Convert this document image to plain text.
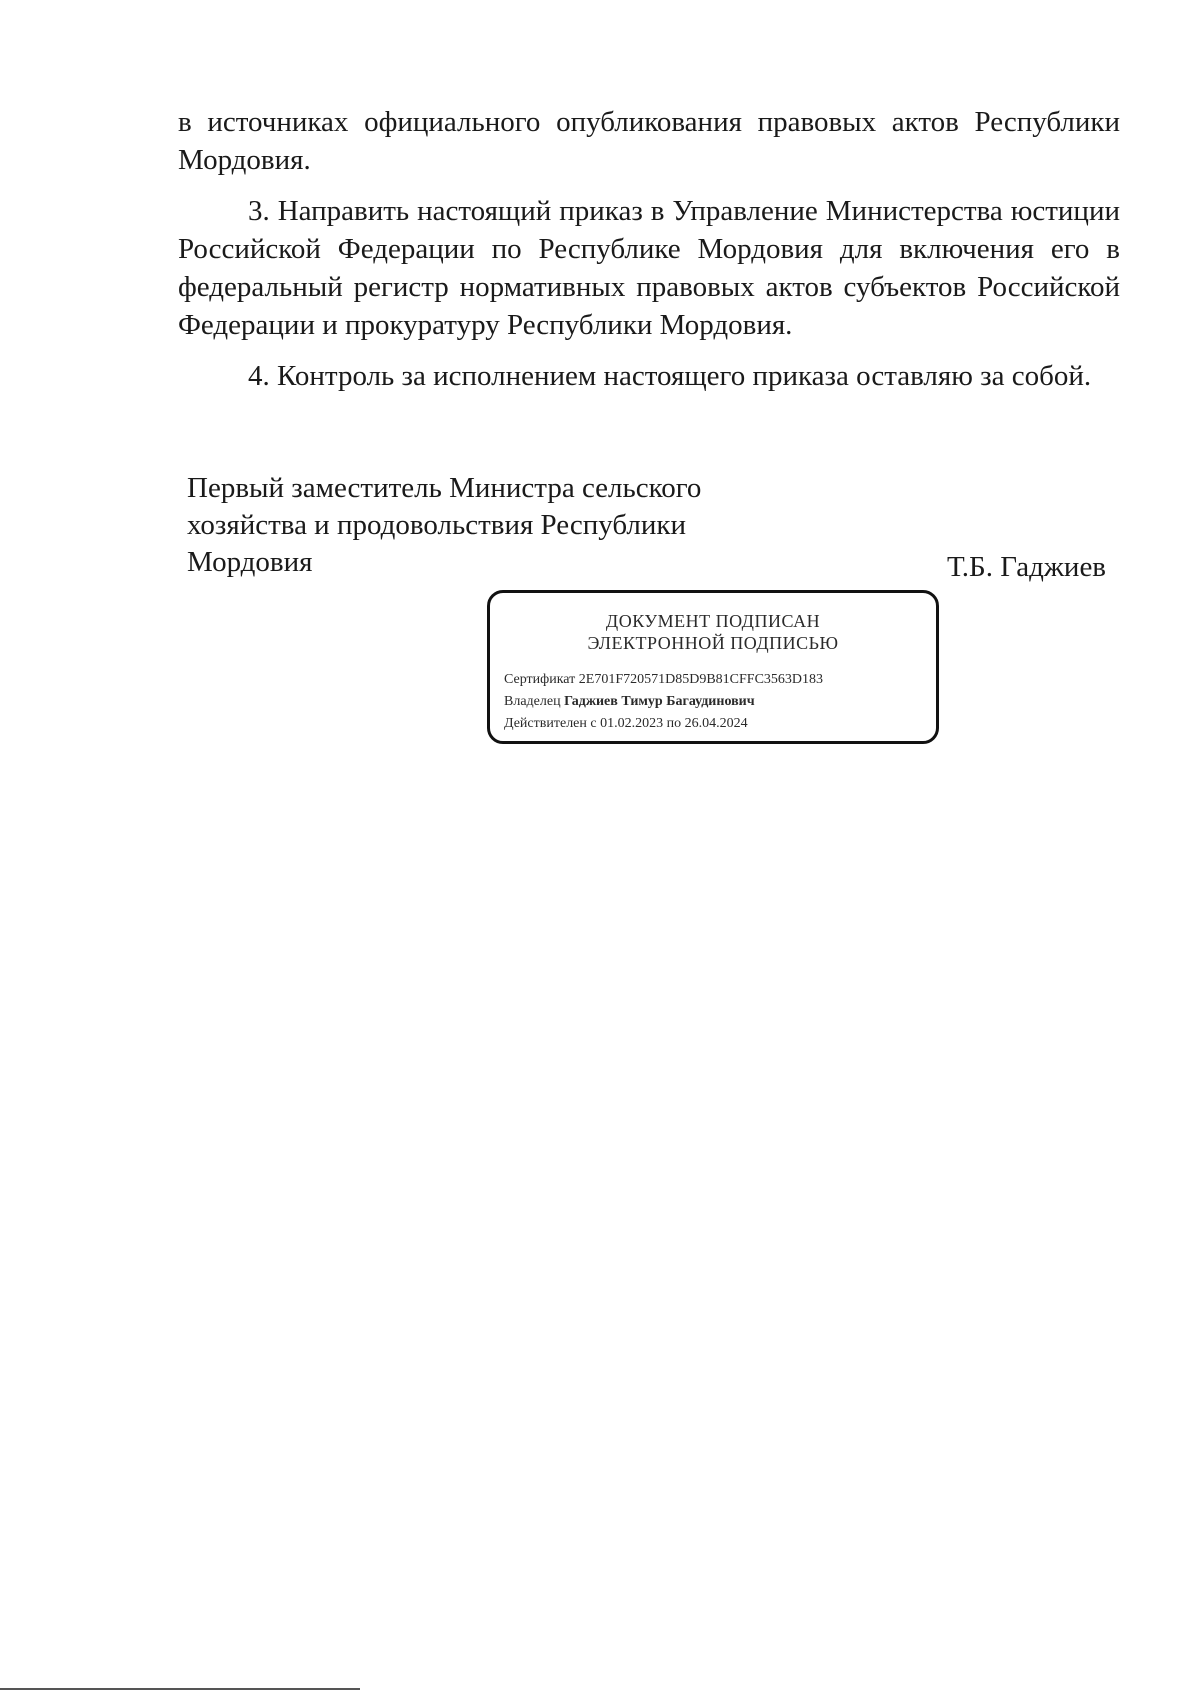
в источниках официального опубликования правовых актов Республики Мордовия.

3. Направить настоящий приказ в Управление Министерства юстиции Российской Федерации по Республике Мордовия для включения его в федеральный регистр нормативных правовых актов субъектов Российской Федерации и прокуратуру Республики Мордовия.

4. Контроль за исполнением настоящего приказа оставляю за собой.

Первый заместитель Министра сельского
хозяйства и продовольствия Республики
Мордовия	Т.Б. Гаджиев
ДОКУМЕНТ ПОДПИСАН
ЭЛЕКТРОННОЙ ПОДПИСЬЮ
Сертификат 2E701F720571D85D9B81CFFC3563D183
Владелец Гаджиев Тимур Багаудинович
Действителен с 01.02.2023 по 26.04.2024
